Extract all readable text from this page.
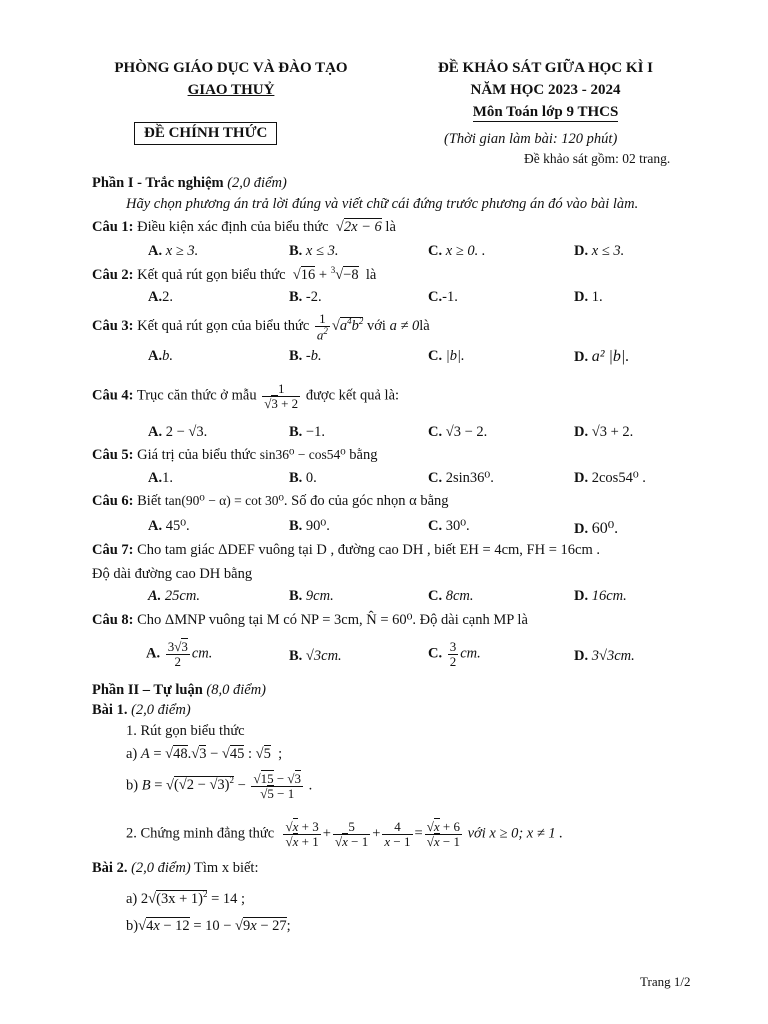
PHÒNG GIÁO DỤC VÀ ĐÀO TẠO
GIAO THUỶ
ĐỀ CHÍNH THỨC
ĐỀ KHẢO SÁT GIỮA HỌC KÌ I
NĂM HỌC 2023 - 2024
Môn Toán lớp 9 THCS
(Thời gian làm bài: 120 phút)
Đề khảo sát gồm: 02 trang.
Phần I - Trắc nghiệm (2,0 điểm)
Hãy chọn phương án trả lời đúng và viết chữ cái đứng trước phương án đó vào bài làm.
Câu 1: Điều kiện xác định của biểu thức  √2x − 6 là
A. x ≥ 3.	B. x ≤ 3.	C. x ≥ 0. .	D. x ≤ 3.
Câu 2: Kết quả rút gọn biểu thức  √16 + $^3$√−8 là
A.2.	B. -2.	C.-1.	D. 1.
Câu 3: Kết quả rút gọn của biểu thức $\frac{1}{a^2} √a^4b^2$ với a ≠ 0là
A.b.	B. -b.	C. |b|.	D. a² |b|.
Câu 4: Trục căn thức ở mẫu $\frac{1}{√3 + 2}$ được kết quả là:
A. 2 − √3.	B. −1.	C. √3 − 2.	D. √3 + 2.
Câu 5: Giá trị của biểu thức sin36⁰ − cos54⁰ bằng
A.1.	B. 0.	C. 2sin36⁰.	D. 2cos54⁰ .
Câu 6: Biết tan(90⁰ − α) = cot 30⁰. Số đo của góc nhọn α bằng
A. 45⁰.	B. 90⁰.	C. 30⁰.	D. 60⁰.
Câu 7: Cho tam giác ΔDEF vuông tại D , đường cao DH , biết EH = 4cm, FH = 16cm .
Độ dài đường cao DH bằng
A. 25cm.	B. 9cm.	C. 8cm.	D. 16cm.
Câu 8: Cho ΔMNP vuông tại M có NP = 3cm, N̂ = 60⁰. Độ dài cạnh MP là
A. $\frac{3√3}{2}$ cm.	B. √3cm.	C. $\frac{3}{2}$ cm.	D. 3√3cm.
Phần II – Tự luận (8,0 điểm)
Bài 1. (2,0 điểm)
1. Rút gọn biểu thức
a) A = √48.√3 − √45 : √5  ;
b) $B = √(√2 - √3)^2 - \frac{√15 - √3}{√5 - 1}$ .
2. Chứng minh đẳng thức $\frac{√x + 3}{√x + 1} + \frac{5}{√x - 1} + \frac{4}{x - 1} = \frac{√x + 6}{√x - 1}$ với x ≥ 0; x ≠ 1 .
Bài 2. (2,0 điểm) Tìm x biết:
a) $2√(3x + 1)^2 = 14$ ;
b)√4x − 12 = 10 − √9x − 27;
Trang 1/2
